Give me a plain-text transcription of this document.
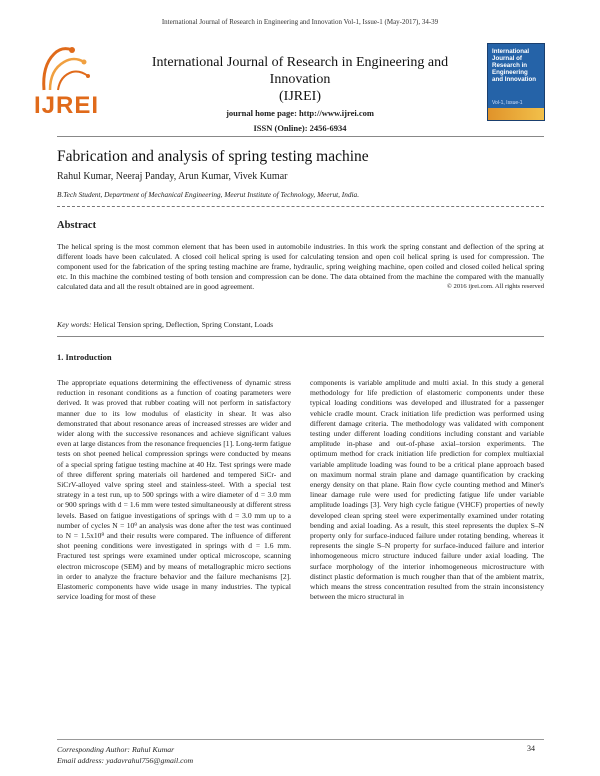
International Journal of Research in Engineering and Innovation Vol-1, Issue-1 (May-2017), 34-39
IJREI
International Journal of Research in Engineering and Innovation
(IJREI)
journal home page: http://www.ijrei.com
ISSN (Online): 2456-6934
International Journal of Research in Engineering and Innovation
Vol-1, Issue-1
Fabrication and analysis of spring testing machine
Rahul Kumar, Neeraj Panday, Arun Kumar, Vivek Kumar
B.Tech Student, Department of Mechanical Engineering, Meerut Institute of Technology, Meerut, India.
Abstract
The helical spring is the most common element that has been used in automobile industries. In this work the spring constant and deflection of the spring at different loads have been calculated. A closed coil helical spring is used for calculating tension and open coil helical spring is used for compression. The component used for the fabrication of the spring testing machine are frame, hydraulic, spring weighing machine, open coiled and closed coiled helical spring etc. In this machine the combined testing of both tension and compression can be done. The data obtained from the machine the compared with the manually calculated data and all the result obtained are in good agreement.	© 2016 ijrei.com. All rights reserved
Key words: Helical Tension spring, Deflection, Spring Constant, Loads
1. Introduction
The appropriate equations determining the effectiveness of dynamic stress reduction in resonant conditions as a function of coating parameters were derived. It was proved that rubber coating will not perform in satisfactory manner due to its low modulus of elasticity in shear. It was also demonstrated that about resonance areas of increased stresses are wider and wider along with the successive resonances and achieve significant values even at large distances from the resonance frequencies [1]. Long-term fatigue tests on shot peened helical compression springs were conducted by means of a special spring fatigue testing machine at 40 Hz. Test springs were made of three different spring materials oil hardened and tempered SiCr- and SiCrV-alloyed valve spring steel and stainless-steel. With a special test strategy in a test run, up to 500 springs with a wire diameter of d = 3.0 mm or 900 springs with d = 1.6 mm were tested simultaneously at different stress levels. Based on fatigue investigations of springs with d = 3.0 mm up to a number of cycles N = 10⁹ an analysis was done after the test was continued to N = 1.5x10⁹ and their results were compared. The influence of different shot peening conditions were investigated in springs with d = 1.6 mm. Fractured test springs were examined under optical microscope, scanning electron microscope (SEM) and by means of metallographic micro sections in order to analyze the fracture behavior and the failure mechanisms [2]. Elastomeric components have wide usage in many industries. The typical service loading for most of these
components is variable amplitude and multi axial. In this study a general methodology for life prediction of elastomeric components under these typical loading conditions was developed and illustrated for a passenger vehicle cradle mount. Crack initiation life prediction was performed using different damage criteria. The methodology was validated with component testing under different loading conditions including constant and variable amplitude in-phase and out-of-phase axial–torsion experiments. The optimum method for crack initiation life prediction for complex multiaxial variable amplitude loading was found to be a critical plane approach based on maximum normal strain plane and damage quantification by cracking energy density on that plane. Rain flow cycle counting method and Miner's linear damage rule were used for predicting fatigue life under variable amplitude loadings [3]. Very high cycle fatigue (VHCF) properties of newly developed clean spring steel were experimentally examined under rotating bending and axial loading. As a result, this steel represents the duplex S–N property only for surface-induced failure under rotating bending, whereas it represents the single S–N property for surface-induced failure and interior inhomogeneous micro structure induced failure under axial loading. The surface morphology of the interior inhomogeneous microstructure with distinct plastic deformation is much rougher than that of the ambient matrix, which means the stress concentration resulted from the strain inconsistency between the micro structural in
Corresponding Author: Rahul Kumar
Email address: yadavrahul756@gmail.com
34
